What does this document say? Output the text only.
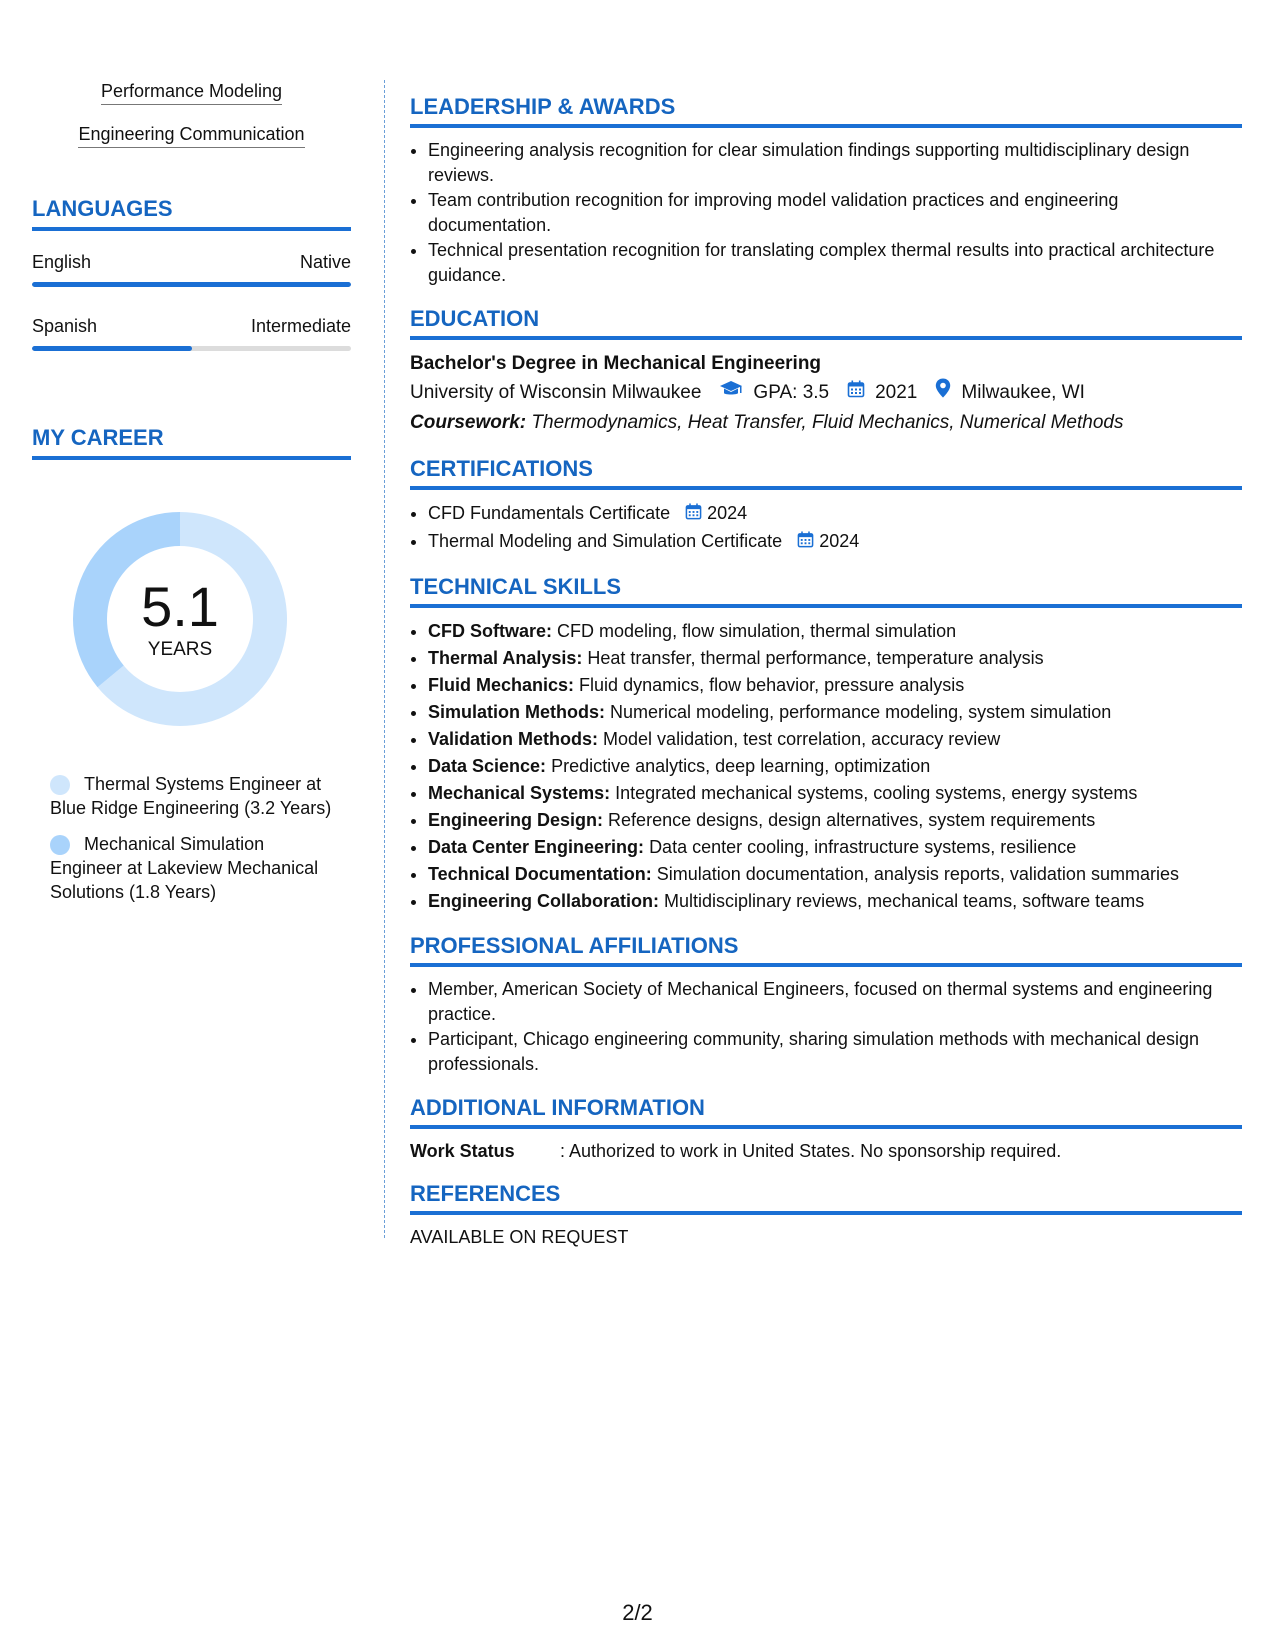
Performance Modeling
Engineering Communication
LANGUAGES
English	Native
Spanish	Intermediate
MY CAREER
5.1
YEARS
Thermal Systems Engineer at Blue Ridge Engineering (3.2 Years)
Mechanical Simulation Engineer at Lakeview Mechanical Solutions (1.8 Years)
LEADERSHIP & AWARDS
• Engineering analysis recognition for clear simulation findings supporting multidisciplinary design reviews.
• Team contribution recognition for improving model validation practices and engineering documentation.
• Technical presentation recognition for translating complex thermal results into practical architecture guidance.
EDUCATION
Bachelor's Degree in Mechanical Engineering
University of Wisconsin Milwaukee	GPA: 3.5 2021 Milwaukee, WI
Coursework: Thermodynamics, Heat Transfer, Fluid Mechanics, Numerical Methods
CERTIFICATIONS
• CFD Fundamentals Certificate 2024
• Thermal Modeling and Simulation Certificate 2024
TECHNICAL SKILLS
• CFD Software: CFD modeling, flow simulation, thermal simulation
• Thermal Analysis: Heat transfer, thermal performance, temperature analysis
• Fluid Mechanics: Fluid dynamics, flow behavior, pressure analysis
• Simulation Methods: Numerical modeling, performance modeling, system simulation
• Validation Methods: Model validation, test correlation, accuracy review
• Data Science: Predictive analytics, deep learning, optimization
• Mechanical Systems: Integrated mechanical systems, cooling systems, energy systems
• Engineering Design: Reference designs, design alternatives, system requirements
• Data Center Engineering: Data center cooling, infrastructure systems, resilience
• Technical Documentation: Simulation documentation, analysis reports, validation summaries
• Engineering Collaboration: Multidisciplinary reviews, mechanical teams, software teams
PROFESSIONAL AFFILIATIONS
• Member, American Society of Mechanical Engineers, focused on thermal systems and engineering practice.
• Participant, Chicago engineering community, sharing simulation methods with mechanical design professionals.
ADDITIONAL INFORMATION
Work Status	: Authorized to work in United States. No sponsorship required.
REFERENCES
AVAILABLE ON REQUEST
2/2
